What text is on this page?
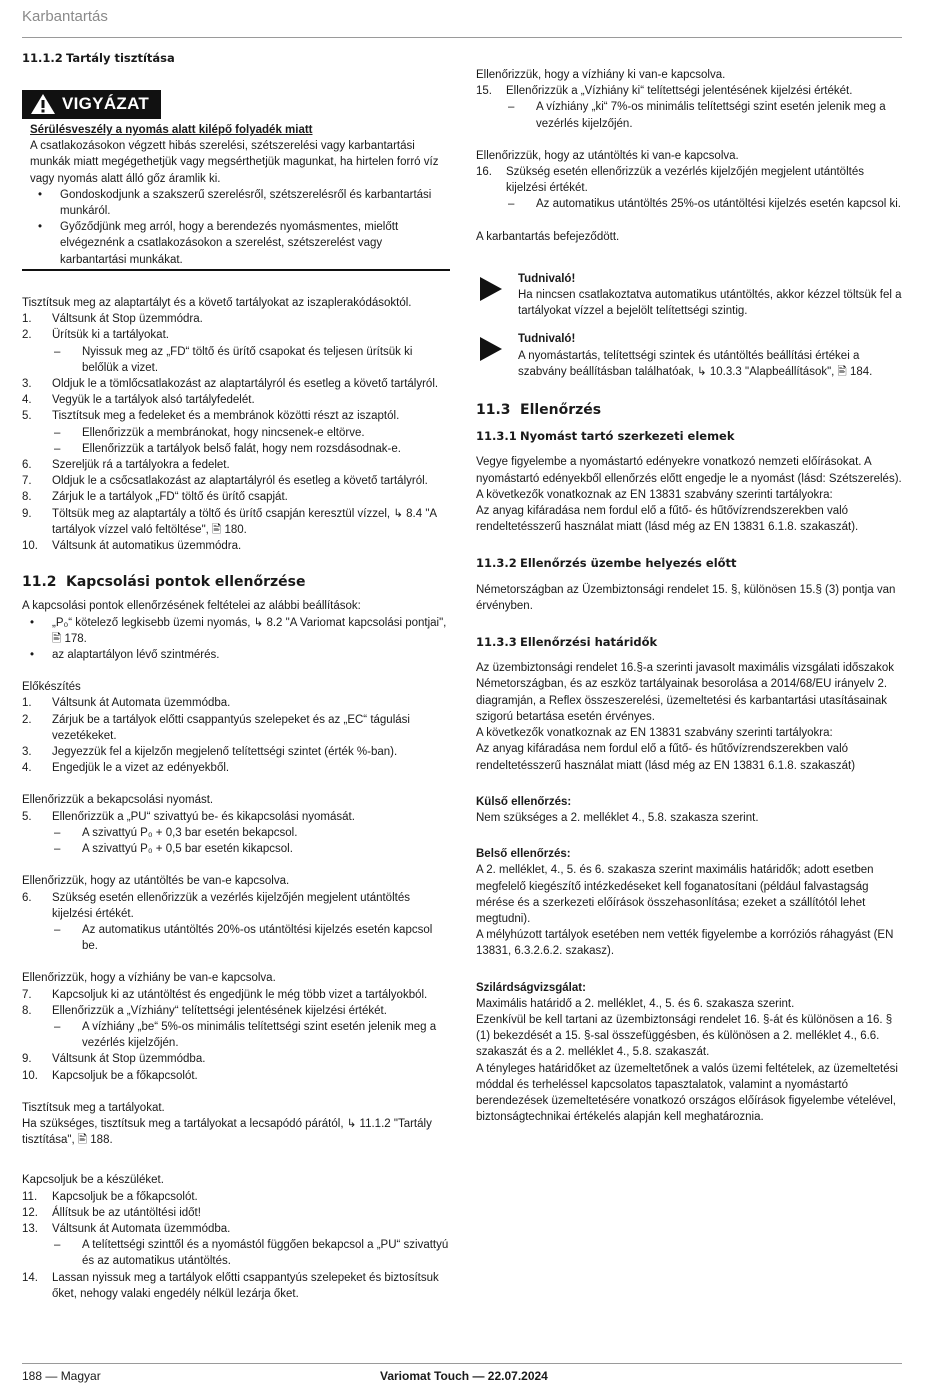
Karbantartás

11.1.2 Tartály tisztítása

VIGYÁZAT

Sérülésveszély a nyomás alatt kilépő folyadék miatt

A csatlakozásokon végzett hibás szerelési, szétszerelési vagy karbantartási munkák miatt megégethetjük vagy megsérthetjük magunkat, ha hirtelen forró víz vagy nyomás alatt álló gőz áramlik ki.

• Gondoskodjunk a szakszerű szerelésről, szétszerelésről és karbantartási munkáról.
• Győződjünk meg arról, hogy a berendezés nyomásmentes, mielőtt elvégeznénk a csatlakozásokon a szerelést, szétszerelést vagy karbantartási munkákat.

Tisztítsuk meg az alaptartályt és a követő tartályokat az iszaplerakódásoktól.

1. Váltsunk át Stop üzemmódra.
2. Ürítsük ki a tartályokat.
– Nyissuk meg az „FD“ töltő és ürítő csapokat és teljesen ürítsük ki belőlük a vizet.
3. Oldjuk le a tömlőcsatlakozást az alaptartályról és esetleg a követő tartályról.
4. Vegyük le a tartályok alsó tartályfedelét.
5. Tisztítsuk meg a fedeleket és a membránok közötti részt az iszaptól.
– Ellenőrizzük a membránokat, hogy nincsenek-e eltörve.
– Ellenőrizzük a tartályok belső falát, hogy nem rozsdásodnak-e.
6. Szereljük rá a tartályokra a fedelet.
7. Oldjuk le a csőcsatlakozást az alaptartályról és esetleg a követő tartályról.
8. Zárjuk le a tartályok „FD“ töltő és ürítő csapját.
9. Töltsük meg az alaptartály a töltő és ürítő csapján keresztül vízzel, ↳ 8.4 "A tartályok vízzel való feltöltése", 🖹 180.
10. Váltsunk át automatikus üzemmódra.

11.2 Kapcsolási pontok ellenőrzése

A kapcsolási pontok ellenőrzésének feltételei az alábbi beállítások:

• „P₀“ kötelező legkisebb üzemi nyomás, ↳ 8.2 "A Variomat kapcsolási pontjai", 🖹 178.
• az alaptartályon lévő szintmérés.

Előkészítés

1. Váltsunk át Automata üzemmódba.
2. Zárjuk be a tartályok előtti csappantyús szelepeket és az „EC“ tágulási vezetékeket.
3. Jegyezzük fel a kijelzőn megjelenő telítettségi szintet (érték %-ban).
4. Engedjük le a vizet az edényekből.

Ellenőrizzük a bekapcsolási nyomást.

5. Ellenőrizzük a „PU“ szivattyú be- és kikapcsolási nyomását.
– A szivattyú P₀ + 0,3 bar esetén bekapcsol.
– A szivattyú P₀ + 0,5 bar esetén kikapcsol.

Ellenőrizzük, hogy az utántöltés be van-e kapcsolva.

6. Szükség esetén ellenőrizzük a vezérlés kijelzőjén megjelent utántöltés kijelzési értékét.
– Az automatikus utántöltés 20%-os utántöltési kijelzés esetén kapcsol be.

Ellenőrizzük, hogy a vízhiány be van-e kapcsolva.

7. Kapcsoljuk ki az utántöltést és engedjünk le még több vizet a tartályokból.
8. Ellenőrizzük a „Vízhiány“ telítettségi jelentésének kijelzési értékét.
– A vízhiány „be“ 5%-os minimális telítettségi szint esetén jelenik meg a vezérlés kijelzőjén.
9. Váltsunk át Stop üzemmódba.
10. Kapcsoljuk be a főkapcsolót.

Tisztítsuk meg a tartályokat.

Ha szükséges, tisztítsuk meg a tartályokat a lecsapódó párától, ↳ 11.1.2 "Tartály tisztítása", 🖹 188.

Kapcsoljuk be a készüléket.

11. Kapcsoljuk be a főkapcsolót.
12. Állítsuk be az utántöltési időt!
13. Váltsunk át Automata üzemmódba.
– A telítettségi szinttől és a nyomástól függően bekapcsol a „PU“ szivattyú és az automatikus utántöltés.
14. Lassan nyissuk meg a tartályok előtti csappantyús szelepeket és biztosítsuk őket, nehogy valaki engedély nélkül lezárja őket.

Ellenőrizzük, hogy a vízhiány ki van-e kapcsolva.

15. Ellenőrizzük a „Vízhiány ki“ telítettségi jelentésének kijelzési értékét.
– A vízhiány „ki“ 7%-os minimális telítettségi szint esetén jelenik meg a vezérlés kijelzőjén.

Ellenőrizzük, hogy az utántöltés ki van-e kapcsolva.

16. Szükség esetén ellenőrizzük a vezérlés kijelzőjén megjelent utántöltés kijelzési értékét.
– Az automatikus utántöltés 25%-os utántöltési kijelzés esetén kapcsol ki.

A karbantartás befejeződött.

Tudnivaló!

Ha nincsen csatlakoztatva automatikus utántöltés, akkor kézzel töltsük fel a tartályokat vízzel a bejelölt telítettségi szintig.

Tudnivaló!

A nyomástartás, telítettségi szintek és utántöltés beállítási értékei a szabvány beállításban találhatóak, ↳ 10.3.3 "Alapbeállítások", 🖹 184.

11.3 Ellenőrzés

11.3.1 Nyomást tartó szerkezeti elemek

Vegye figyelembe a nyomástartó edényekre vonatkozó nemzeti előírásokat. A nyomástartó edényekből ellenőrzés előtt engedje le a nyomást (lásd: Szétszerelés).

A következők vonatkoznak az EN 13831 szabvány szerinti tartályokra:

Az anyag kifáradása nem fordul elő a fűtő- és hűtővízrendszerekben való rendeltetésszerű használat miatt (lásd még az EN 13831 6.1.8. szakaszát).

11.3.2 Ellenőrzés üzembe helyezés előtt

Németországban az Üzembiztonsági rendelet 15. §, különösen 15.§ (3) pontja van érvényben.

11.3.3 Ellenőrzési határidők

Az üzembiztonsági rendelet 16.§-a szerinti javasolt maximális vizsgálati időszakok Németországban, és az eszköz tartályainak besorolása a 2014/68/EU irányelv 2. diagramján, a Reflex összeszerelési, üzemeltetési és karbantartási utasításainak szigorú betartása esetén érvényes.

A következők vonatkoznak az EN 13831 szabvány szerinti tartályokra:

Az anyag kifáradása nem fordul elő a fűtő- és hűtővízrendszerekben való rendeltetésszerű használat miatt (lásd még az EN 13831 6.1.8. szakaszát)

Külső ellenőrzés:

Nem szükséges a 2. melléklet 4., 5.8. szakasza szerint.

Belső ellenőrzés:

A 2. melléklet, 4., 5. és 6. szakasza szerint maximális határidők; adott esetben megfelelő kiegészítő intézkedéseket kell foganatosítani (például falvastagság mérése és a szerkezeti előírások összehasonlítása; ezeket a szállítótól lehet megtudni).

A mélyhúzott tartályok esetében nem vették figyelembe a korróziós ráhagyást (EN 13831, 6.3.2.6.2. szakasz).

Szilárdságvizsgálat:

Maximális határidő a 2. melléklet, 4., 5. és 6. szakasza szerint.

Ezenkívül be kell tartani az üzembiztonsági rendelet 16. §-át és különösen a 16. § (1) bekezdését a 15. §-sal összefüggésben, és különösen a 2. melléklet 4., 6.6. szakaszát és a 2. melléklet 4., 5.8. szakaszát.

A tényleges határidőket az üzemeltetőnek a valós üzemi feltételek, az üzemeltetési móddal és terheléssel kapcsolatos tapasztalatok, valamint a nyomástartó berendezések üzemeltetésére vonatkozó országos előírások figyelembe vételével, biztonságtechnikai értékelés alapján kell meghatároznia.

188 — Magyar	Variomat Touch — 22.07.2024
